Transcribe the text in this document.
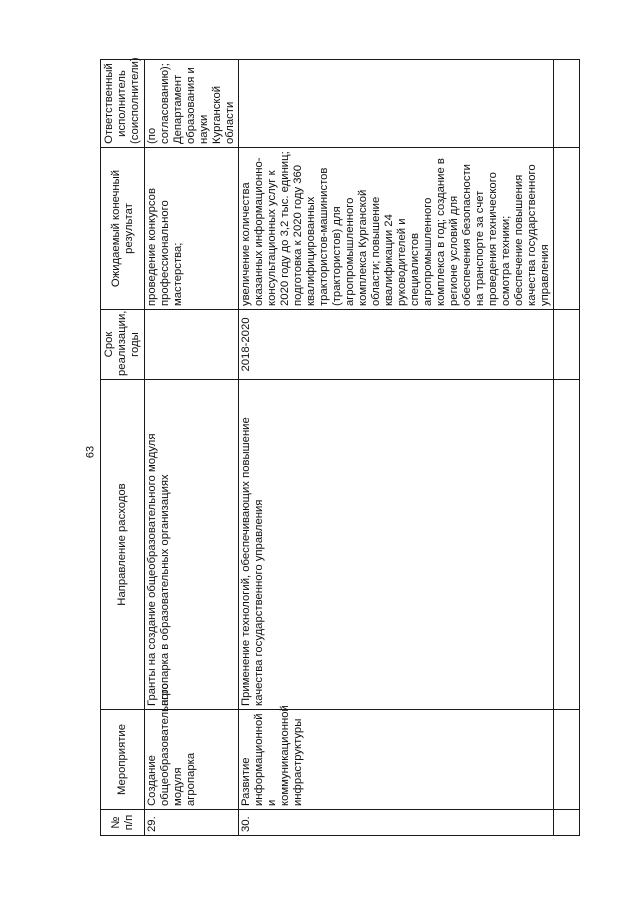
63
№ п/п	Мероприятие	Направление расходов	Срок реализации, годы	Ожидаемый конечный результат	Ответственный исполнитель (соисполнители)
29.	Создание общеобразовательного модуля агропарка	Гранты на создание общеобразовательного модуля агропарка в образовательных организациях		проведение конкурсов профессионального мастерства;	(по согласованию); Департамент образования и науки Курганской области
30.	Развитие информационной и коммуникационной инфраструктуры	Применение технологий, обеспечивающих повышение качества государственного управления	2018-2020	увеличение количества оказанных информационно-консультационных услуг к 2020 году до 3,2 тыс. единиц; подготовка к 2020 году 360 квалифицированных трактористов-машинистов (трактористов) для агропромышленного комплекса Курганской области; повышение квалификации 24 руководителей и специалистов агропромышленного комплекса в год; создание в регионе условий для обеспечения безопасности на транспорте за счет проведения технического осмотра техники; обеспечение повышения качества государственного управления	
